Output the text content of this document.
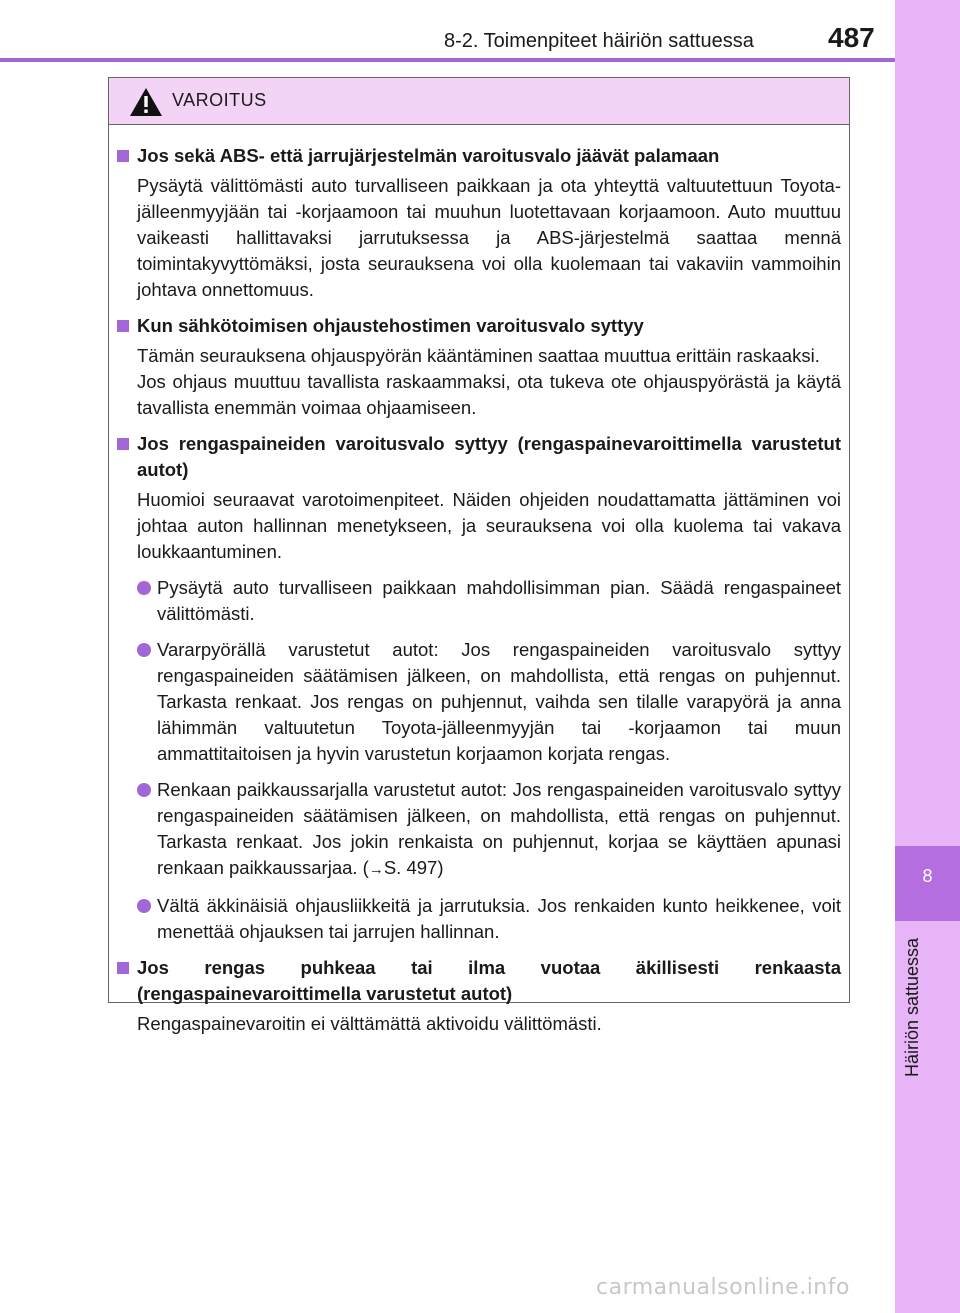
8-2. Toimenpiteet häiriön sattuessa	487
8
Häiriön sattuessa
VAROITUS
Jos sekä ABS- että jarrujärjestelmän varoitusvalo jäävät palamaan
Pysäytä välittömästi auto turvalliseen paikkaan ja ota yhteyttä valtuutettuun Toyota-jälleenmyyjään tai -korjaamoon tai muuhun luotettavaan korjaamoon. Auto muuttuu vaikeasti hallittavaksi jarrutuksessa ja ABS-järjestelmä saattaa mennä toimintakyvyttömäksi, josta seurauksena voi olla kuolemaan tai vakaviin vammoihin johtava onnettomuus.
Kun sähkötoimisen ohjaustehostimen varoitusvalo syttyy
Tämän seurauksena ohjauspyörän kääntäminen saattaa muuttua erittäin raskaaksi.
Jos ohjaus muuttuu tavallista raskaammaksi, ota tukeva ote ohjauspyörästä ja käytä tavallista enemmän voimaa ohjaamiseen.
Jos rengaspaineiden varoitusvalo syttyy (rengaspainevaroittimella varustetut autot)
Huomioi seuraavat varotoimenpiteet. Näiden ohjeiden noudattamatta jättäminen voi johtaa auton hallinnan menetykseen, ja seurauksena voi olla kuolema tai vakava loukkaantuminen.
Pysäytä auto turvalliseen paikkaan mahdollisimman pian. Säädä rengaspaineet välittömästi.
Vararpyörällä varustetut autot: Jos rengaspaineiden varoitusvalo syttyy rengaspaineiden säätämisen jälkeen, on mahdollista, että rengas on puhjennut. Tarkasta renkaat. Jos rengas on puhjennut, vaihda sen tilalle varapyörä ja anna lähimmän valtuutetun Toyota-jälleenmyyjän tai -korjaamon tai muun ammattitaitoisen ja hyvin varustetun korjaamon korjata rengas.
Renkaan paikkaussarjalla varustetut autot: Jos rengaspaineiden varoitusvalo syttyy rengaspaineiden säätämisen jälkeen, on mahdollista, että rengas on puhjennut. Tarkasta renkaat. Jos jokin renkaista on puhjennut, korjaa se käyttäen apunasi renkaan paikkaussarjaa. (→S. 497)
Vältä äkkinäisiä ohjausliikkeitä ja jarrutuksia. Jos renkaiden kunto heikkenee, voit menettää ohjauksen tai jarrujen hallinnan.
Jos rengas puhkeaa tai ilma vuotaa äkillisesti renkaasta (rengaspainevaroittimella varustetut autot)
Rengaspainevaroitin ei välttämättä aktivoidu välittömästi.
carmanualsonline.info
